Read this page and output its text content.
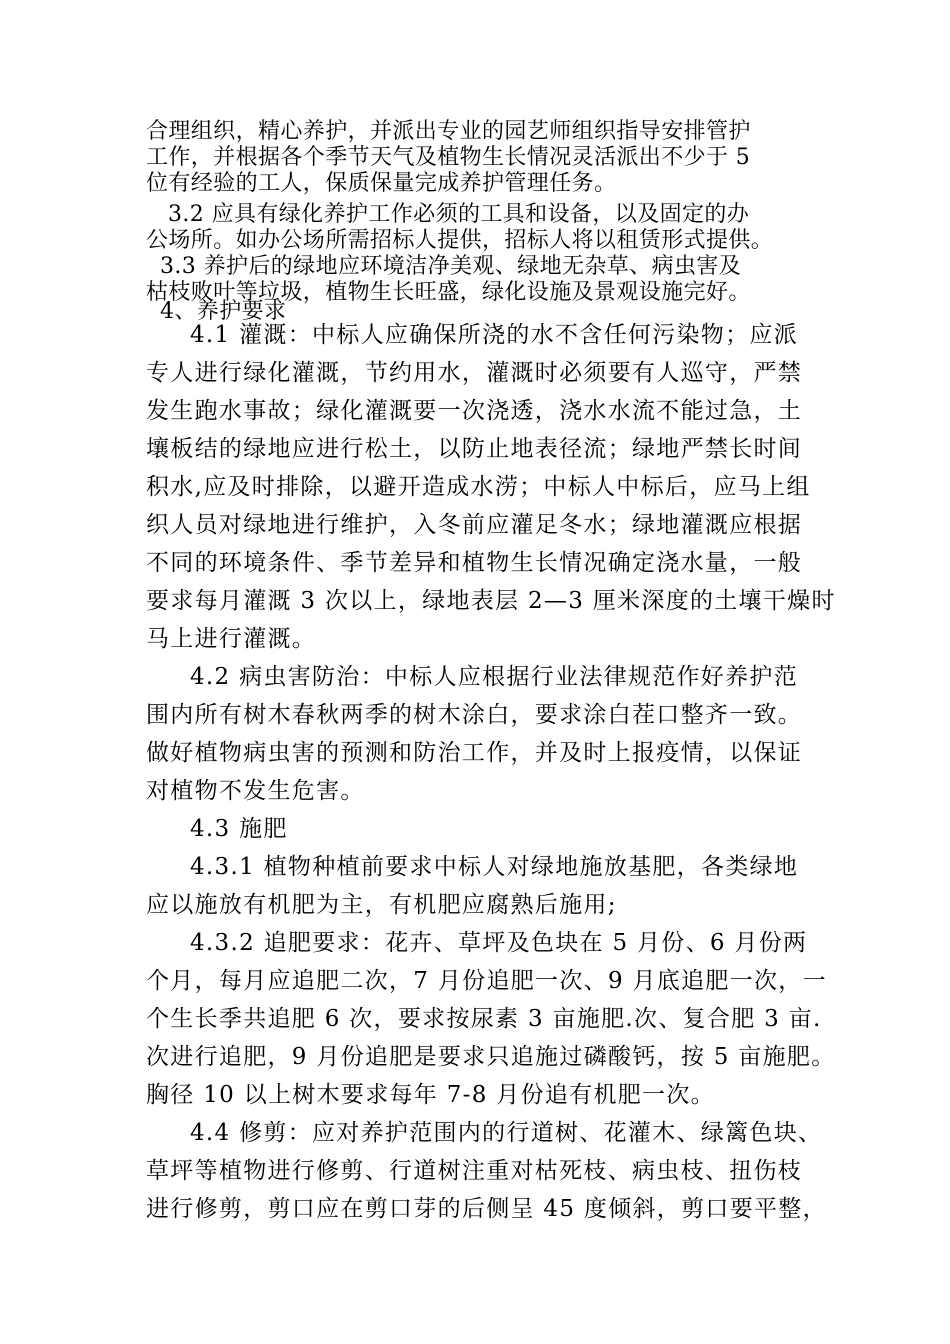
合理组织，精心养护，并派出专业的园艺师组织指导安排管护
工作，并根据各个季节天气及植物生长情况灵活派出不少于 5
位有经验的工人，保质保量完成养护管理任务。
3.2 应具有绿化养护工作必须的工具和设备，以及固定的办
公场所。如办公场所需招标人提供，招标人将以租赁形式提供。
3.3 养护后的绿地应环境洁净美观、绿地无杂草、病虫害及
枯枝败叶等垃圾，植物生长旺盛，绿化设施及景观设施完好。
4、养护要求
4.1 灌溉：中标人应确保所浇的水不含任何污染物；应派
专人进行绿化灌溉，节约用水，灌溉时必须要有人巡守，严禁
发生跑水事故；绿化灌溉要一次浇透，浇水水流不能过急，土
壤板结的绿地应进行松土，以防止地表径流；绿地严禁长时间
积水,应及时排除，以避开造成水涝；中标人中标后，应马上组
织人员对绿地进行维护，入冬前应灌足冬水；绿地灌溉应根据
不同的环境条件、季节差异和植物生长情况确定浇水量，一般
要求每月灌溉 3 次以上，绿地表层 2—3 厘米深度的土壤干燥时
马上进行灌溉。
4.2 病虫害防治：中标人应根据行业法律规范作好养护范
围内所有树木春秋两季的树木涂白，要求涂白茬口整齐一致。
做好植物病虫害的预测和防治工作，并及时上报疫情，以保证
对植物不发生危害。
4.3 施肥
4.3.1 植物种植前要求中标人对绿地施放基肥，各类绿地
应以施放有机肥为主，有机肥应腐熟后施用;
4.3.2 追肥要求：花卉、草坪及色块在 5 月份、6 月份两
个月，每月应追肥二次，7 月份追肥一次、9 月底追肥一次，一
个生长季共追肥 6 次，要求按尿素 3 亩施肥.次、复合肥 3 亩.
次进行追肥，9 月份追肥是要求只追施过磷酸钙，按 5 亩施肥。
胸径 10 以上树木要求每年 7-8 月份追有机肥一次。
4.4 修剪：应对养护范围内的行道树、花灌木、绿篱色块、
草坪等植物进行修剪、行道树注重对枯死枝、病虫枝、扭伤枝
进行修剪，剪口应在剪口芽的后侧呈 45 度倾斜，剪口要平整，
